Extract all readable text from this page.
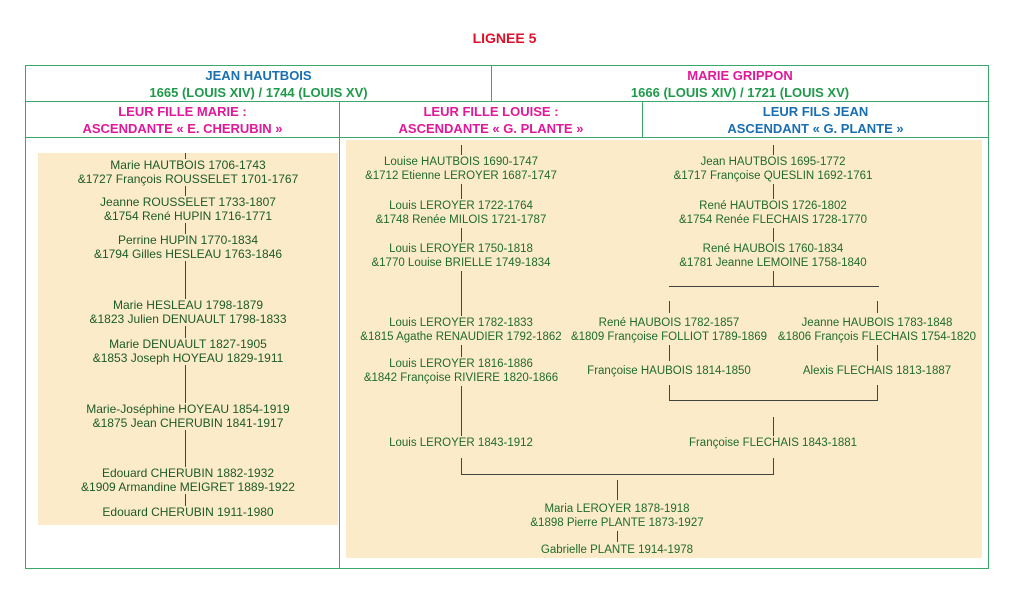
LIGNEE 5
JEAN HAUTBOIS
1665 (LOUIS XIV) / 1744 (LOUIS XV)
MARIE GRIPPON
1666 (LOUIS XIV) / 1721 (LOUIS XV)
LEUR FILLE MARIE :
ASCENDANTE « E. CHERUBIN »
LEUR FILLE LOUISE :
ASCENDANTE « G. PLANTE »
LEUR FILS JEAN
ASCENDANT « G. PLANTE »
Marie HAUTBOIS 1706-1743
&1727 François ROUSSELET 1701-1767
Jeanne ROUSSELET 1733-1807
&1754 René HUPIN 1716-1771
Perrine HUPIN 1770-1834
&1794 Gilles HESLEAU 1763-1846
Marie HESLEAU 1798-1879
&1823 Julien DENUAULT 1798-1833
Marie DENUAULT 1827-1905
&1853 Joseph HOYEAU 1829-1911
Marie-Joséphine HOYEAU 1854-1919
&1875 Jean CHERUBIN 1841-1917
Edouard CHERUBIN 1882-1932
&1909 Armandine MEIGRET 1889-1922
Edouard CHERUBIN 1911-1980
Louise HAUTBOIS 1690-1747
&1712 Etienne LEROYER 1687-1747
Louis LEROYER 1722-1764
&1748 Renée MILOIS 1721-1787
Louis LEROYER 1750-1818
&1770 Louise BRIELLE 1749-1834
Louis LEROYER 1782-1833
&1815 Agathe RENAUDIER 1792-1862
Louis LEROYER 1816-1886
&1842 Françoise RIVIERE 1820-1866
Louis LEROYER 1843-1912
Jean HAUTBOIS 1695-1772
&1717 Françoise QUESLIN 1692-1761
René HAUTBOIS 1726-1802
&1754 Renée FLECHAIS 1728-1770
René HAUBOIS 1760-1834
&1781 Jeanne LEMOINE 1758-1840
René HAUBOIS 1782-1857
&1809 Françoise FOLLIOT 1789-1869
Françoise HAUBOIS 1814-1850
Jeanne HAUBOIS 1783-1848
&1806 François FLECHAIS 1754-1820
Alexis FLECHAIS 1813-1887
Françoise FLECHAIS 1843-1881
Maria LEROYER 1878-1918
&1898 Pierre PLANTE 1873-1927
Gabrielle PLANTE 1914-1978
